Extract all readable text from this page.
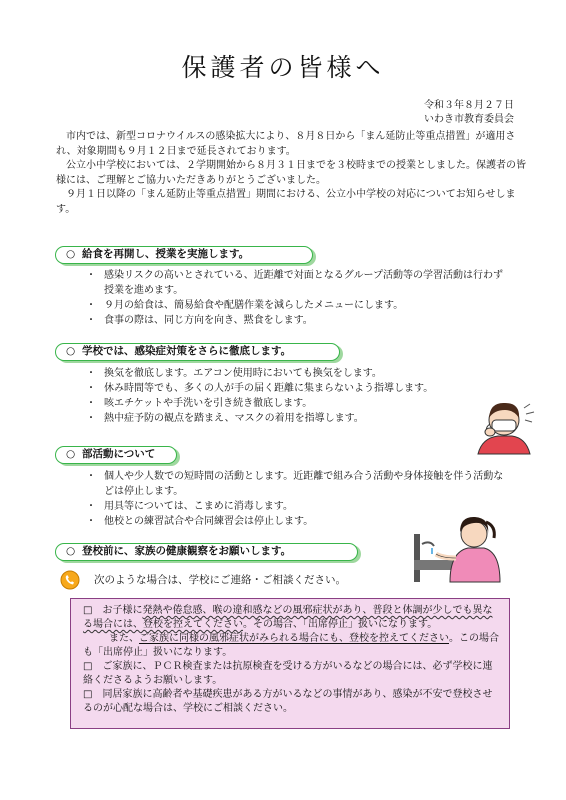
保護者の皆様へ
令和３年８月２７日
いわき市教育委員会

市内では、新型コロナウイルスの感染拡大により、８月８日から「まん延防止等重点措置」が適用され、対象期間も９月１２日まで延長されております。

公立小中学校においては、２学期開始から８月３１日までを３校時までの授業としました。保護者の皆様には、ご理解とご協力いただきありがとうございました。

９月１日以降の「まん延防止等重点措置」期間における、公立小中学校の対応についてお知らせします。

○ 給食を再開し、授業を実施します。
・ 感染リスクの高いとされている、近距離で対面となるグループ活動等の学習活動は行わず授業を進めます。
・ ９月の給食は、簡易給食や配膳作業を減らしたメニューにします。
・ 食事の際は、同じ方向を向き、黙食をします。
○ 学校では、感染症対策をさらに徹底します。
・ 換気を徹底します。エアコン使用時においても換気をします。
・ 休み時間等でも、多くの人が手の届く距離に集まらないよう指導します。
・ 咳エチケットや手洗いを引き続き徹底します。
・ 熱中症予防の観点を踏まえ、マスクの着用を指導します。
○ 部活動について
・ 個人や少人数での短時間の活動とします。近距離で組み合う活動や身体接触を伴う活動などは停止します。
・ 用具等については、こまめに消毒します。
・ 他校との練習試合や合同練習会は停止します。
○ 登校前に、家族の健康観察をお願いします。
次のような場合は、学校にご連絡・ご相談ください。

□　 お子様に発熱や倦怠感、喉の違和感などの風邪症状があり、普段と体調が少しでも異なる場合には、登校を控えてください。その場合、「出席停止」扱いになります。

また、ご家族に同様の風邪症状がみられる場合にも、登校を控えてください。この場合も「出席停止」扱いになります。

□　 ご家族に、ＰＣＲ検査または抗原検査を受ける方がいるなどの場合には、必ず学校に連絡くださるようお願いします。

□　 同居家族に高齢者や基礎疾患がある方がいるなどの事情があり、感染が不安で登校させるのが心配な場合は、学校にご相談ください。
